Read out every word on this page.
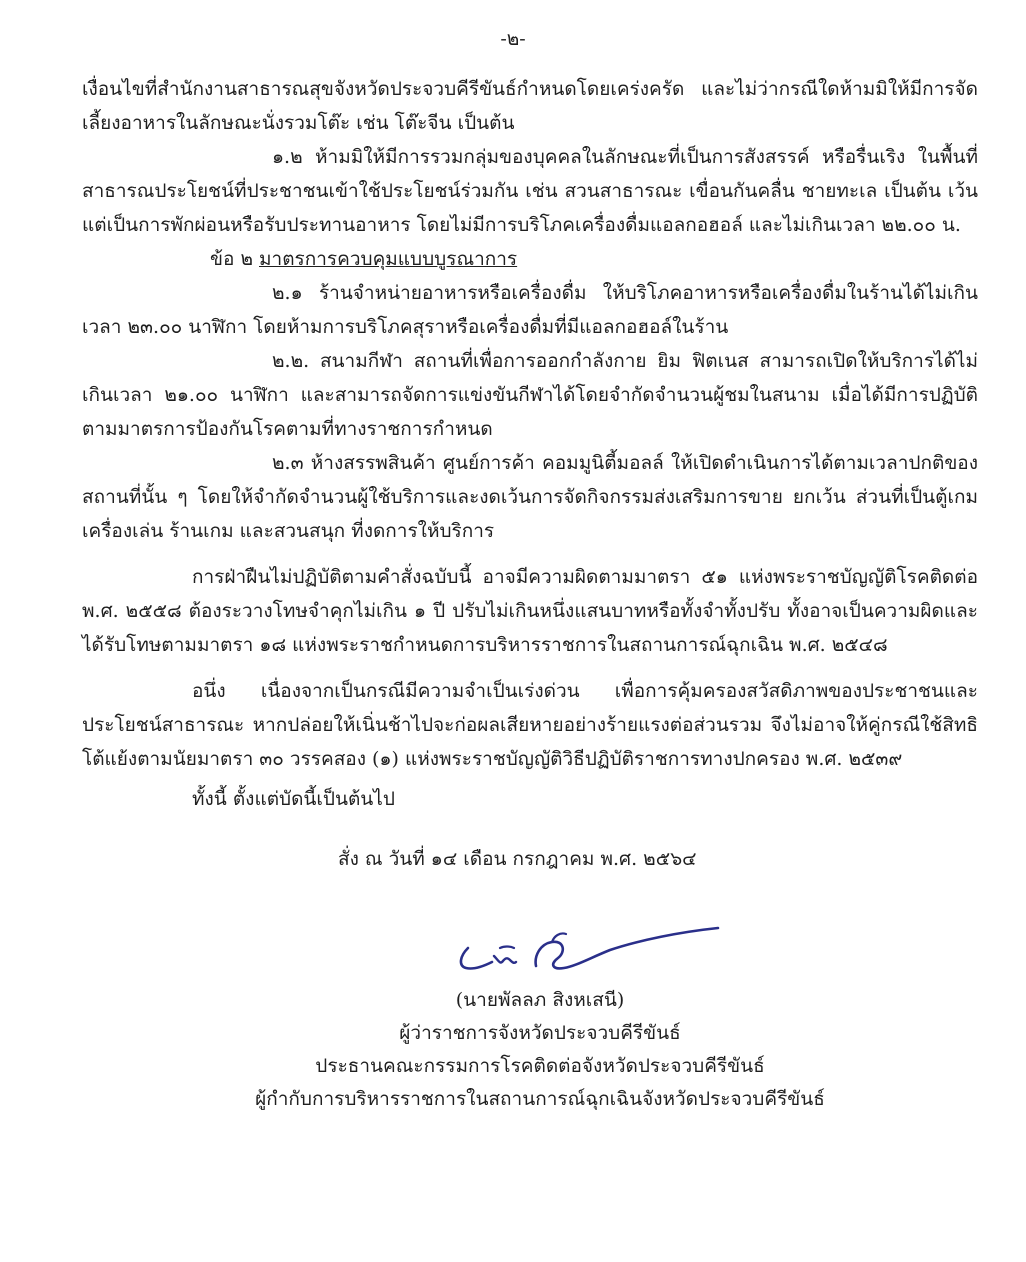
-๒-

เงื่อนไขที่สำนักงานสาธารณสุขจังหวัดประจวบคีรีขันธ์กำหนดโดยเคร่งครัด และไม่ว่ากรณีใดห้ามมิให้มีการจัดเลี้ยงอาหารในลักษณะนั่งรวมโต๊ะ เช่น โต๊ะจีน เป็นต้น

๑.๒ ห้ามมิให้มีการรวมกลุ่มของบุคคลในลักษณะที่เป็นการสังสรรค์ หรือรื่นเริง ในพื้นที่สาธารณประโยชน์ที่ประชาชนเข้าใช้ประโยชน์ร่วมกัน เช่น สวนสาธารณะ เขื่อนกันคลื่น ชายทะเล เป็นต้น เว้นแต่เป็นการพักผ่อนหรือรับประทานอาหาร โดยไม่มีการบริโภคเครื่องดื่มแอลกอฮอล์ และไม่เกินเวลา ๒๒.๐๐ น.

ข้อ ๒ มาตรการควบคุมแบบบูรณาการ

๒.๑ ร้านจำหน่ายอาหารหรือเครื่องดื่ม ให้บริโภคอาหารหรือเครื่องดื่มในร้านได้ไม่เกินเวลา ๒๓.๐๐ นาฬิกา โดยห้ามการบริโภคสุราหรือเครื่องดื่มที่มีแอลกอฮอล์ในร้าน

๒.๒. สนามกีฬา สถานที่เพื่อการออกกำลังกาย ยิม ฟิตเนส สามารถเปิดให้บริการได้ไม่เกินเวลา ๒๑.๐๐ นาฬิกา และสามารถจัดการแข่งขันกีฬาได้โดยจำกัดจำนวนผู้ชมในสนาม เมื่อได้มีการปฏิบัติตามมาตรการป้องกันโรคตามที่ทางราชการกำหนด

๒.๓ ห้างสรรพสินค้า ศูนย์การค้า คอมมูนิตี้มอลล์ ให้เปิดดำเนินการได้ตามเวลาปกติของสถานที่นั้น ๆ โดยให้จำกัดจำนวนผู้ใช้บริการและงดเว้นการจัดกิจกรรมส่งเสริมการขาย ยกเว้น ส่วนที่เป็นตู้เกมเครื่องเล่น ร้านเกม และสวนสนุก ที่งดการให้บริการ

การฝ่าฝืนไม่ปฏิบัติตามคำสั่งฉบับนี้ อาจมีความผิดตามมาตรา ๕๑ แห่งพระราชบัญญัติโรคติดต่อ พ.ศ. ๒๕๕๘ ต้องระวางโทษจำคุกไม่เกิน ๑ ปี ปรับไม่เกินหนึ่งแสนบาทหรือทั้งจำทั้งปรับ ทั้งอาจเป็นความผิดและได้รับโทษตามมาตรา ๑๘ แห่งพระราชกำหนดการบริหารราชการในสถานการณ์ฉุกเฉิน พ.ศ. ๒๕๔๘

อนึ่ง เนื่องจากเป็นกรณีมีความจำเป็นเร่งด่วน เพื่อการคุ้มครองสวัสดิภาพของประชาชนและประโยชน์สาธารณะ หากปล่อยให้เนิ่นช้าไปจะก่อผลเสียหายอย่างร้ายแรงต่อส่วนรวม จึงไม่อาจให้คู่กรณีใช้สิทธิโต้แย้งตามนัยมาตรา ๓๐ วรรคสอง (๑) แห่งพระราชบัญญัติวิธีปฏิบัติราชการทางปกครอง พ.ศ. ๒๕๓๙

ทั้งนี้ ตั้งแต่บัดนี้เป็นต้นไป

สั่ง ณ วันที่ ๑๔ เดือน กรกฎาคม พ.ศ. ๒๕๖๔
(นายพัลลภ สิงหเสนี)
ผู้ว่าราชการจังหวัดประจวบคีรีขันธ์
ประธานคณะกรรมการโรคติดต่อจังหวัดประจวบคีรีขันธ์
ผู้กำกับการบริหารราชการในสถานการณ์ฉุกเฉินจังหวัดประจวบคีรีขันธ์
